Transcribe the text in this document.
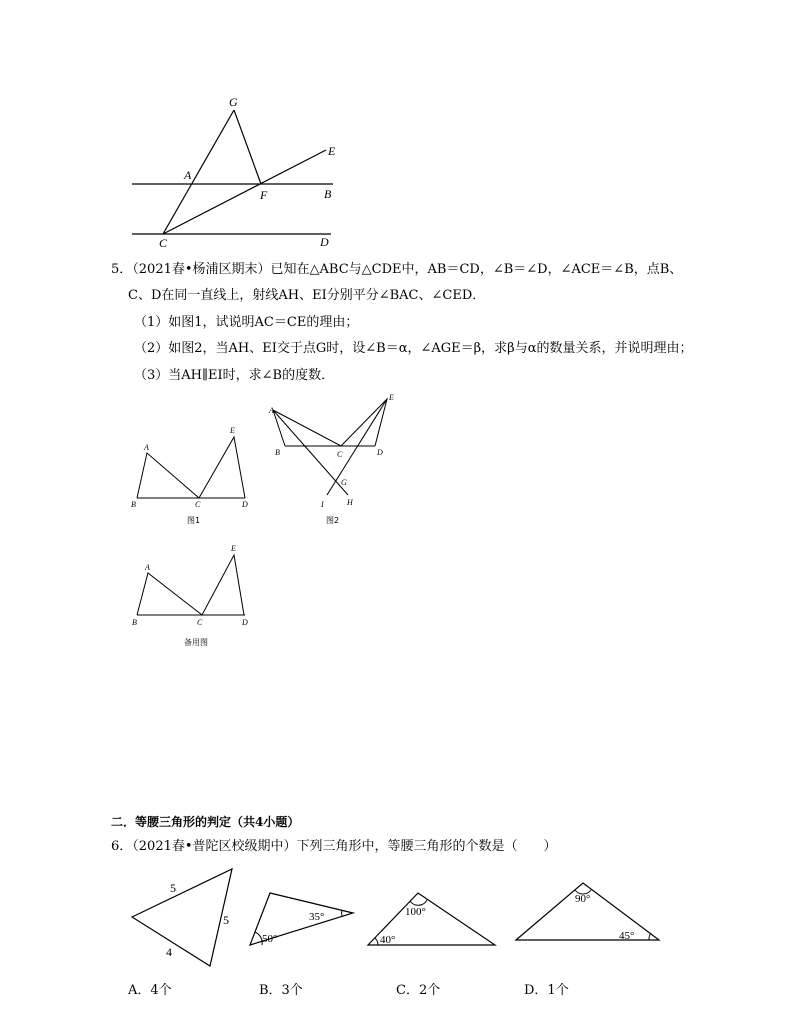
G
A
F	B
E
C	D
5．（2021春•杨浦区期末）已知在△ABC与△CDE中，AB＝CD，∠B＝∠D，∠ACE＝∠B，点B、
C、D在同一直线上，射线AH、EI分别平分∠BAC、∠CED．
（1）如图1，试说明AC＝CE的理由；
（2）如图2，当AH、EI交于点G时，设∠B＝α，∠AGE＝β，求β与α的数量关系，并说明理由；
（3）当AH∥EI时，求∠B的度数．
A
E
B	C	D
图1
A
E
B	C	D
G
I	H
图2
A
E
B	C	D
备用图
二．等腰三角形的判定（共4小题）
6．（2021春•普陀区校级期中）下列三角形中，等腰三角形的个数是（　　）
5
5
4
35°
50°
100°
40°
90°
45°
A．4个	B．3个	C．2个	D．1个
